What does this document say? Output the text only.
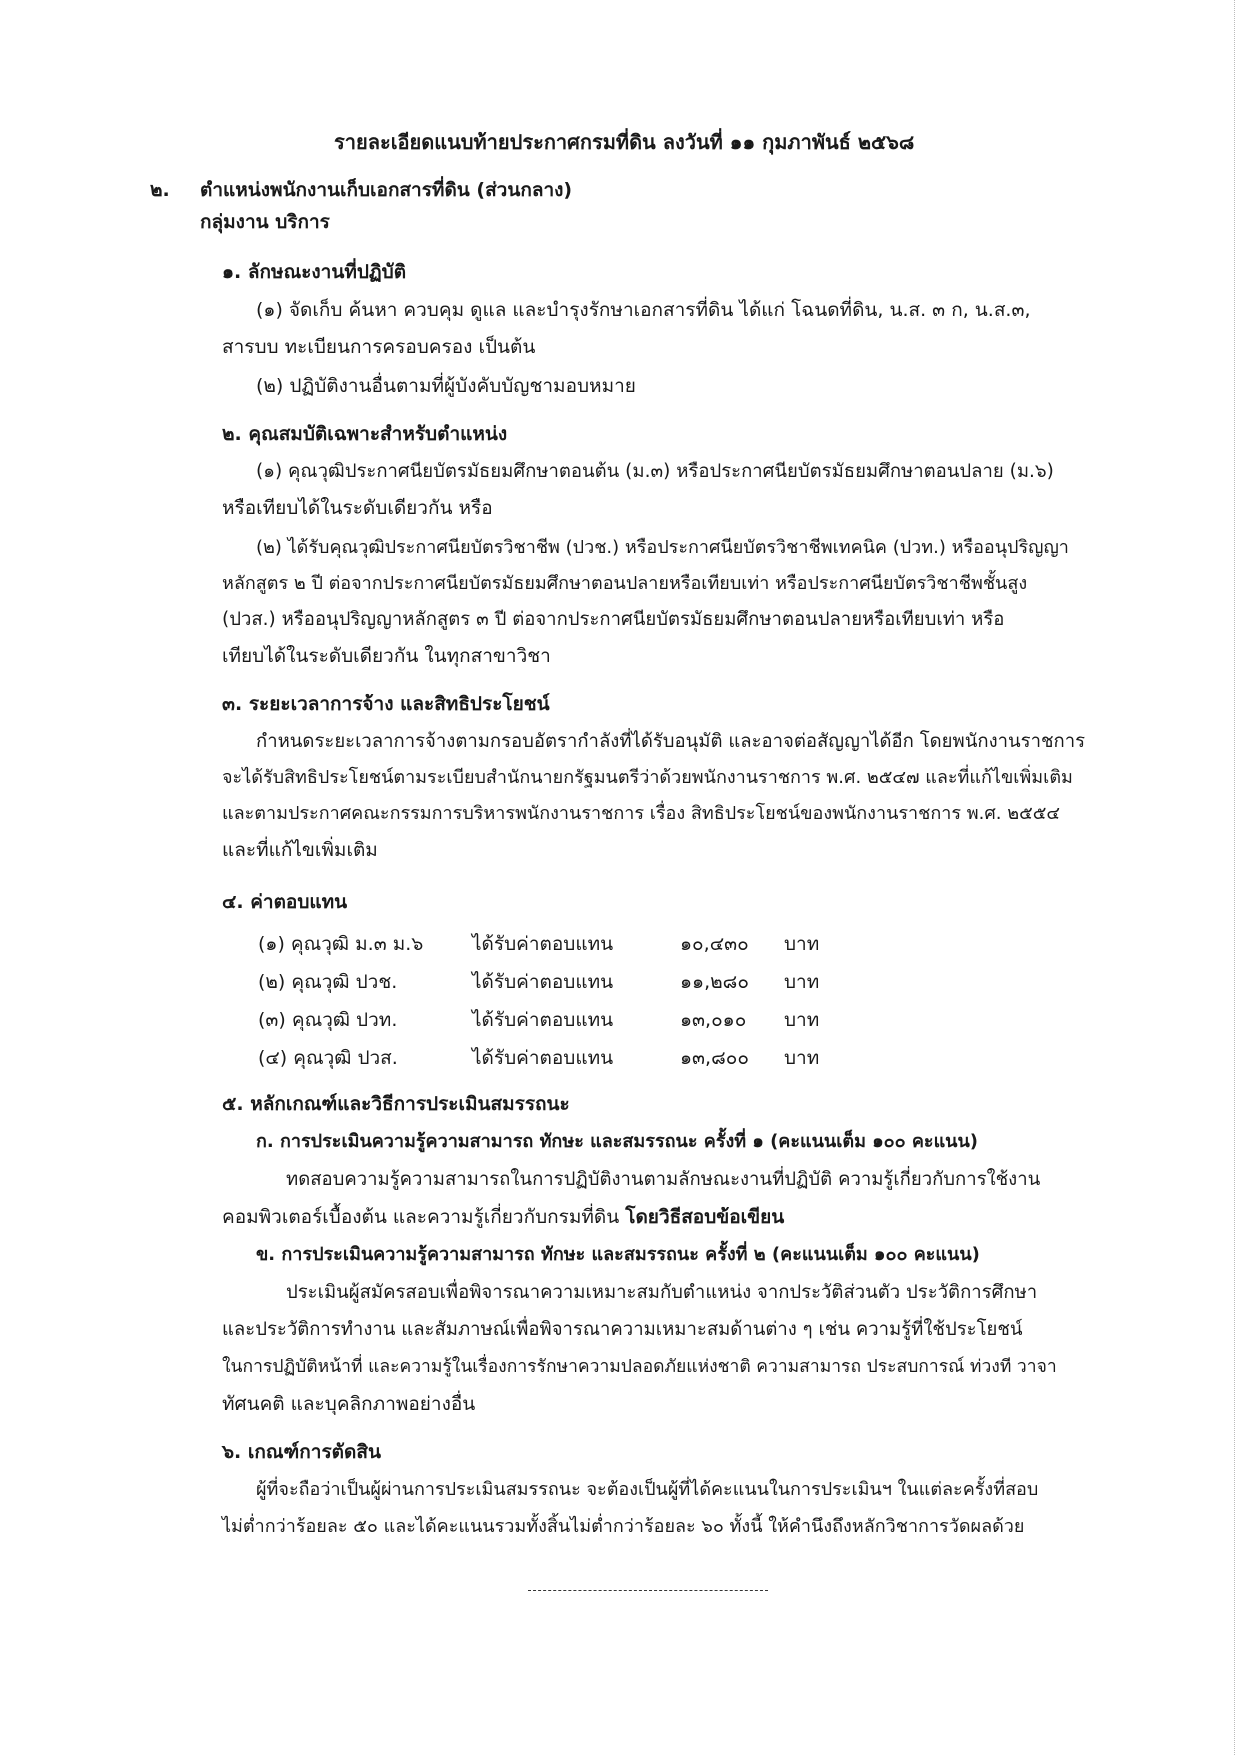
รายละเอียดแนบท้ายประกาศกรมที่ดิน ลงวันที่ ๑๑ กุมภาพันธ์ ๒๕๖๘
๒. ตำแหน่งพนักงานเก็บเอกสารที่ดิน (ส่วนกลาง)
กลุ่มงาน บริการ
๑. ลักษณะงานที่ปฏิบัติ
(๑) จัดเก็บ ค้นหา ควบคุม ดูแล และบำรุงรักษาเอกสารที่ดิน ได้แก่ โฉนดที่ดิน, น.ส. ๓ ก, น.ส.๓,
สารบบ ทะเบียนการครอบครอง เป็นต้น
(๒) ปฏิบัติงานอื่นตามที่ผู้บังคับบัญชามอบหมาย
๒. คุณสมบัติเฉพาะสำหรับตำแหน่ง
(๑) คุณวุฒิประกาศนียบัตรมัธยมศึกษาตอนต้น (ม.๓) หรือประกาศนียบัตรมัธยมศึกษาตอนปลาย (ม.๖)
หรือเทียบได้ในระดับเดียวกัน หรือ
(๒) ได้รับคุณวุฒิประกาศนียบัตรวิชาชีพ (ปวช.) หรือประกาศนียบัตรวิชาชีพเทคนิค (ปวท.) หรืออนุปริญญา
หลักสูตร ๒ ปี ต่อจากประกาศนียบัตรมัธยมศึกษาตอนปลายหรือเทียบเท่า หรือประกาศนียบัตรวิชาชีพชั้นสูง
(ปวส.) หรืออนุปริญญาหลักสูตร ๓ ปี ต่อจากประกาศนียบัตรมัธยมศึกษาตอนปลายหรือเทียบเท่า หรือ
เทียบได้ในระดับเดียวกัน ในทุกสาขาวิชา
๓. ระยะเวลาการจ้าง และสิทธิประโยชน์
กำหนดระยะเวลาการจ้างตามกรอบอัตรากำลังที่ได้รับอนุมัติ และอาจต่อสัญญาได้อีก โดยพนักงานราชการ
จะได้รับสิทธิประโยชน์ตามระเบียบสำนักนายกรัฐมนตรีว่าด้วยพนักงานราชการ พ.ศ. ๒๕๔๗ และที่แก้ไขเพิ่มเติม
และตามประกาศคณะกรรมการบริหารพนักงานราชการ เรื่อง สิทธิประโยชน์ของพนักงานราชการ พ.ศ. ๒๕๕๔
และที่แก้ไขเพิ่มเติม
๔. ค่าตอบแทน
(๑) คุณวุฒิ ม.๓ ม.๖	ได้รับค่าตอบแทน	๑๐,๔๓๐ บาท
(๒) คุณวุฒิ ปวช.	ได้รับค่าตอบแทน	๑๑,๒๘๐ บาท
(๓) คุณวุฒิ ปวท.	ได้รับค่าตอบแทน	๑๓,๐๑๐ บาท
(๔) คุณวุฒิ ปวส.	ได้รับค่าตอบแทน	๑๓,๘๐๐ บาท
๕. หลักเกณฑ์และวิธีการประเมินสมรรถนะ
ก. การประเมินความรู้ความสามารถ ทักษะ และสมรรถนะ ครั้งที่ ๑ (คะแนนเต็ม ๑๐๐ คะแนน)
ทดสอบความรู้ความสามารถในการปฏิบัติงานตามลักษณะงานที่ปฏิบัติ ความรู้เกี่ยวกับการใช้งาน
คอมพิวเตอร์เบื้องต้น และความรู้เกี่ยวกับกรมที่ดิน โดยวิธีสอบข้อเขียน
ข. การประเมินความรู้ความสามารถ ทักษะ และสมรรถนะ ครั้งที่ ๒ (คะแนนเต็ม ๑๐๐ คะแนน)
ประเมินผู้สมัครสอบเพื่อพิจารณาความเหมาะสมกับตำแหน่ง จากประวัติส่วนตัว ประวัติการศึกษา
และประวัติการทำงาน และสัมภาษณ์เพื่อพิจารณาความเหมาะสมด้านต่าง ๆ เช่น ความรู้ที่ใช้ประโยชน์
ในการปฏิบัติหน้าที่ และความรู้ในเรื่องการรักษาความปลอดภัยแห่งชาติ ความสามารถ ประสบการณ์ ท่วงที วาจา
ทัศนคติ และบุคลิกภาพอย่างอื่น
๖. เกณฑ์การตัดสิน
ผู้ที่จะถือว่าเป็นผู้ผ่านการประเมินสมรรถนะ จะต้องเป็นผู้ที่ได้คะแนนในการประเมินฯ ในแต่ละครั้งที่สอบ
ไม่ต่ำกว่าร้อยละ ๕๐ และได้คะแนนรวมทั้งสิ้นไม่ต่ำกว่าร้อยละ ๖๐ ทั้งนี้ ให้คำนึงถึงหลักวิชาการวัดผลด้วย
